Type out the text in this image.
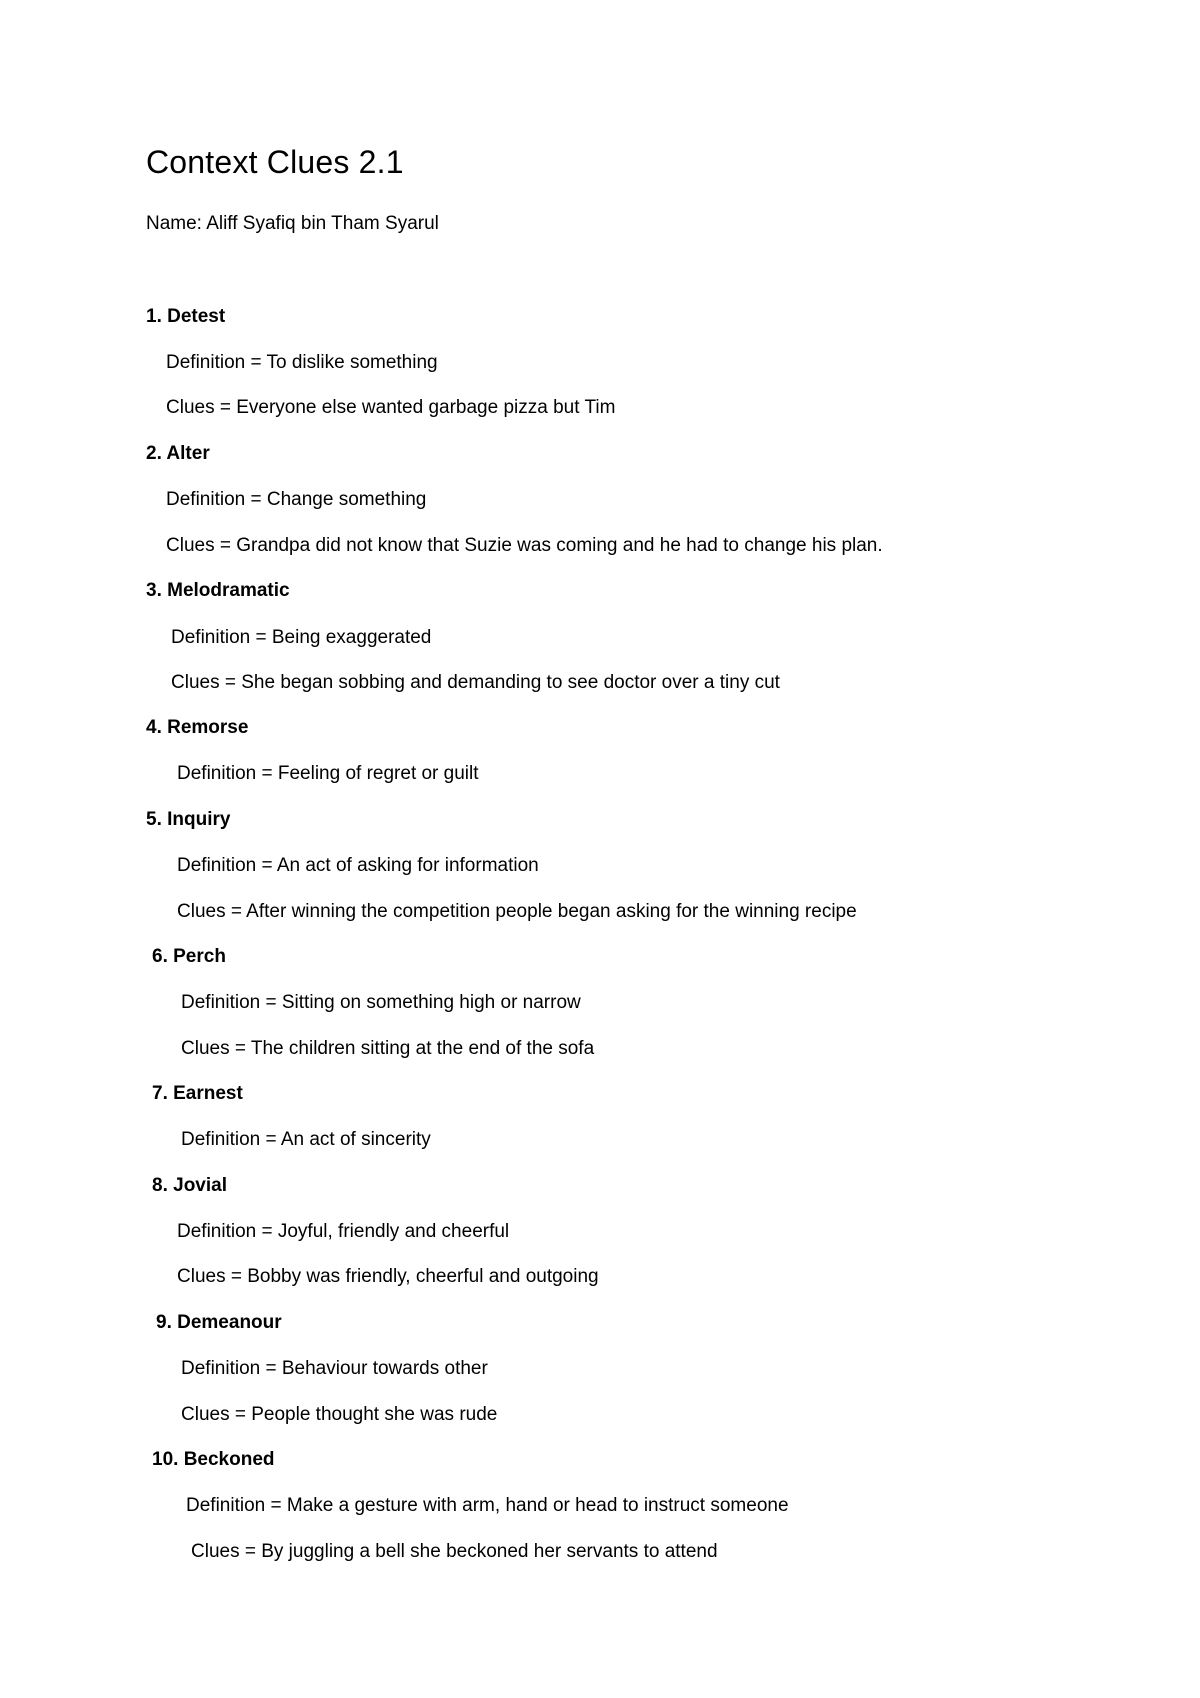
Context Clues 2.1
Name: Aliff Syafiq bin Tham Syarul
1. Detest
Definition = To dislike something
Clues = Everyone else wanted garbage pizza but Tim
2. Alter
Definition = Change something
Clues = Grandpa did not know that Suzie was coming and he had to change his plan.
3. Melodramatic
Definition = Being exaggerated
Clues = She began sobbing and demanding to see doctor over a tiny cut
4. Remorse
Definition = Feeling of regret or guilt
5. Inquiry
Definition = An act of asking for information
Clues = After winning the competition people began asking for the winning recipe
6. Perch
Definition = Sitting on something high or narrow
Clues = The children sitting at the end of the sofa
7. Earnest
Definition = An act of sincerity
8. Jovial
Definition = Joyful, friendly and cheerful
Clues = Bobby was friendly, cheerful and outgoing
9. Demeanour
Definition = Behaviour towards other
Clues = People thought she was rude
10. Beckoned
Definition = Make a gesture with arm, hand or head to instruct someone
Clues = By juggling a bell she beckoned her servants to attend
